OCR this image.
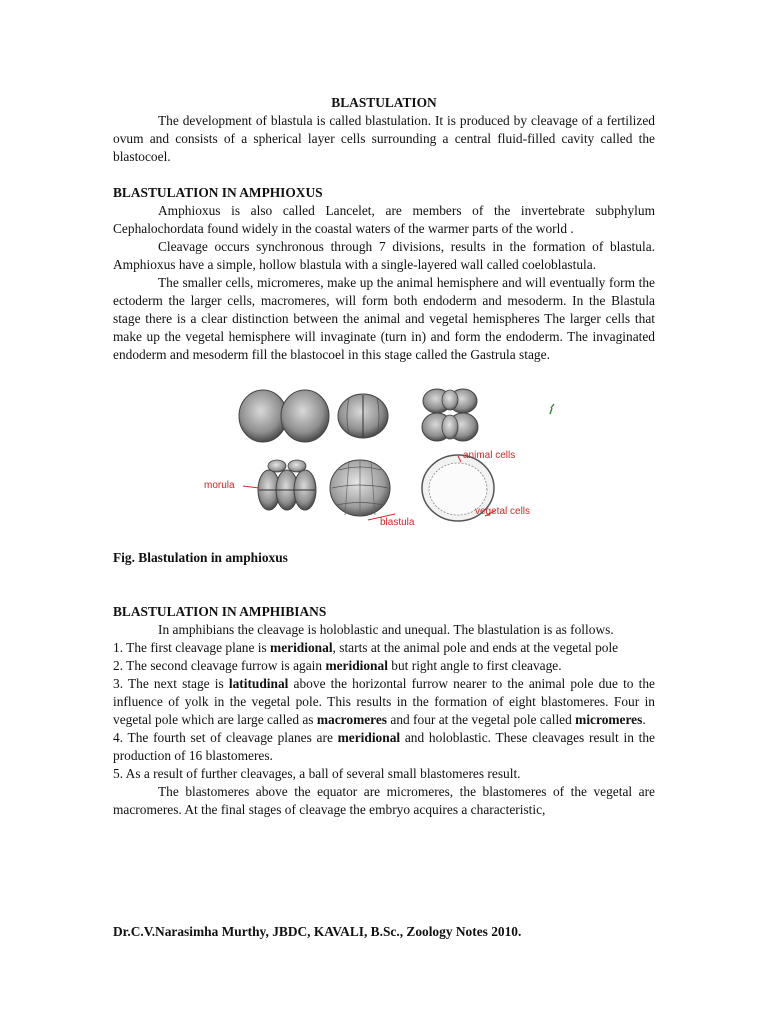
BLASTULATION

The development of blastula is called blastulation. It is produced by cleavage of a fertilized ovum and consists of a spherical layer cells surrounding a central fluid-filled cavity called the blastocoel.

BLASTULATION IN AMPHIOXUS

Amphioxus is also called Lancelet, are members of the invertebrate subphylum Cephalochordata found widely in the coastal waters of the warmer parts of the world .

Cleavage occurs synchronous through 7 divisions, results in the formation of blastula. Amphioxus have a simple, hollow blastula with a single-layered wall called coeloblastula.

The smaller cells, micromeres, make up the animal hemisphere and will eventually form the ectoderm the larger cells, macromeres, will form both endoderm and mesoderm. In the Blastula stage there is a clear distinction between the animal and vegetal hemispheres The larger cells that make up the vegetal hemisphere will invaginate (turn in) and form the endoderm. The invaginated endoderm and mesoderm fill the blastocoel in this stage called the Gastrula stage.

morula
blastula
animal cells
vegetal cells

Fig. Blastulation in amphioxus

BLASTULATION IN AMPHIBIANS

In amphibians the cleavage is holoblastic and unequal. The blastulation is as follows.

1. The first cleavage plane is meridional, starts at the animal pole and ends at the vegetal pole

2. The second cleavage furrow is again meridional but right angle to first cleavage.

3. The next stage is latitudinal above the horizontal furrow nearer to the animal pole due to the influence of yolk in the vegetal pole. This results in the formation of eight blastomeres. Four in vegetal pole which are large called as macromeres and four at the vegetal pole called micromeres.

4. The fourth set of cleavage planes are meridional and holoblastic. These cleavages result in the production of 16 blastomeres.

5. As a result of further cleavages, a ball of several small blastomeres result.

The blastomeres above the equator are micromeres, the blastomeres of the vegetal are macromeres. At the final stages of cleavage the embryo acquires a characteristic,

Dr.C.V.Narasimha Murthy, JBDC, KAVALI, B.Sc., Zoology Notes 2010.
